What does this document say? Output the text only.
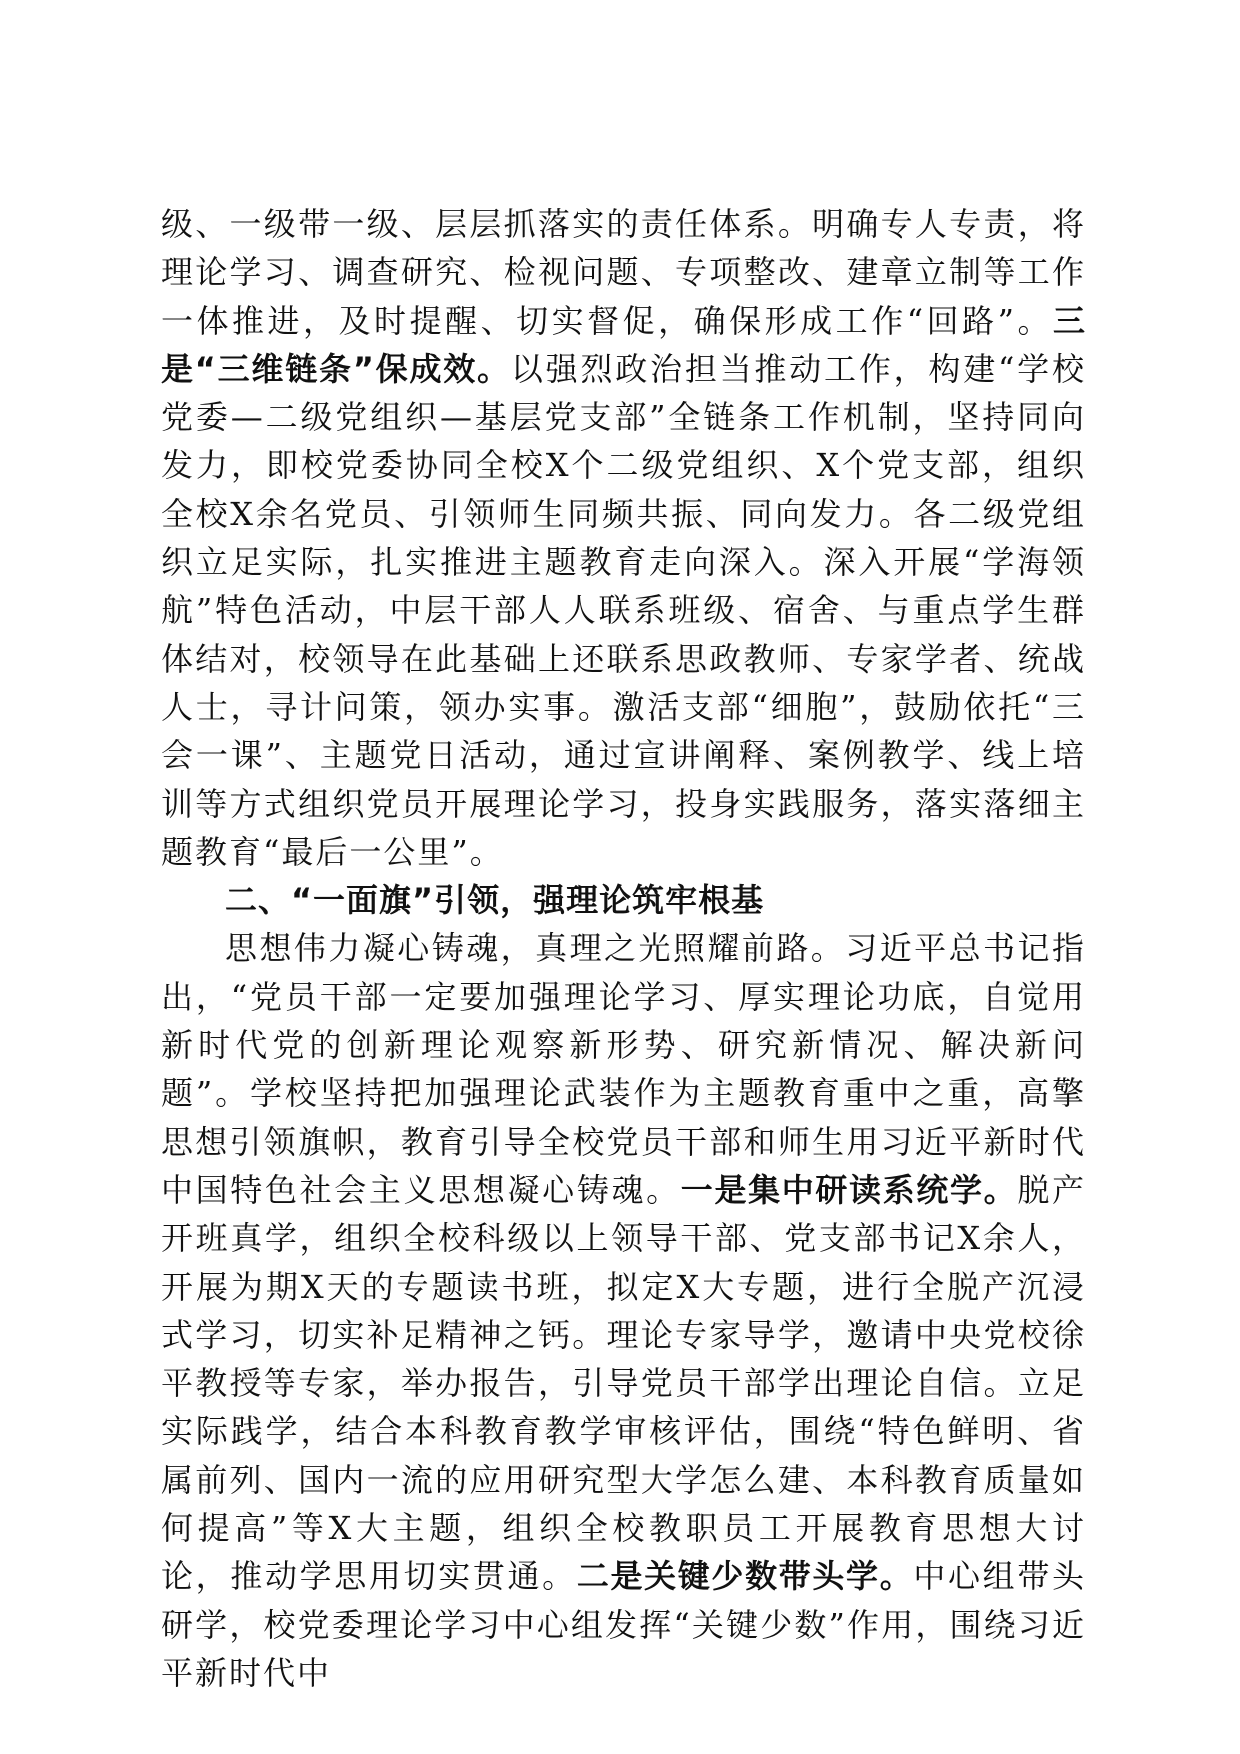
级、一级带一级、层层抓落实的责任体系。明确专人专责，将理论学习、调查研究、检视问题、专项整改、建章立制等工作一体推进，及时提醒、切实督促，确保形成工作“回路”。三是“三维链条”保成效。以强烈政治担当推动工作，构建“学校党委—二级党组织—基层党支部”全链条工作机制，坚持同向发力，即校党委协同全校X个二级党组织、X个党支部，组织全校X余名党员、引领师生同频共振、同向发力。各二级党组织立足实际，扎实推进主题教育走向深入。深入开展“学海领航”特色活动，中层干部人人联系班级、宿舍、与重点学生群体结对，校领导在此基础上还联系思政教师、专家学者、统战人士，寻计问策，领办实事。激活支部“细胞”，鼓励依托“三会一课”、主题党日活动，通过宣讲阐释、案例教学、线上培训等方式组织党员开展理论学习，投身实践服务，落实落细主题教育“最后一公里”。

二、“一面旗”引领，强理论筑牢根基

思想伟力凝心铸魂，真理之光照耀前路。习近平总书记指出，“党员干部一定要加强理论学习、厚实理论功底，自觉用新时代党的创新理论观察新形势、研究新情况、解决新问题”。学校坚持把加强理论武装作为主题教育重中之重，高擎思想引领旗帜，教育引导全校党员干部和师生用习近平新时代中国特色社会主义思想凝心铸魂。一是集中研读系统学。脱产开班真学，组织全校科级以上领导干部、党支部书记X余人，开展为期X天的专题读书班，拟定X大专题，进行全脱产沉浸式学习，切实补足精神之钙。理论专家导学，邀请中央党校徐平教授等专家，举办报告，引导党员干部学出理论自信。立足实际践学，结合本科教育教学审核评估，围绕“特色鲜明、省属前列、国内一流的应用研究型大学怎么建、本科教育质量如何提高”等X大主题，组织全校教职员工开展教育思想大讨论，推动学思用切实贯通。二是关键少数带头学。中心组带头研学，校党委理论学习中心组发挥“关键少数”作用，围绕习近平新时代中
